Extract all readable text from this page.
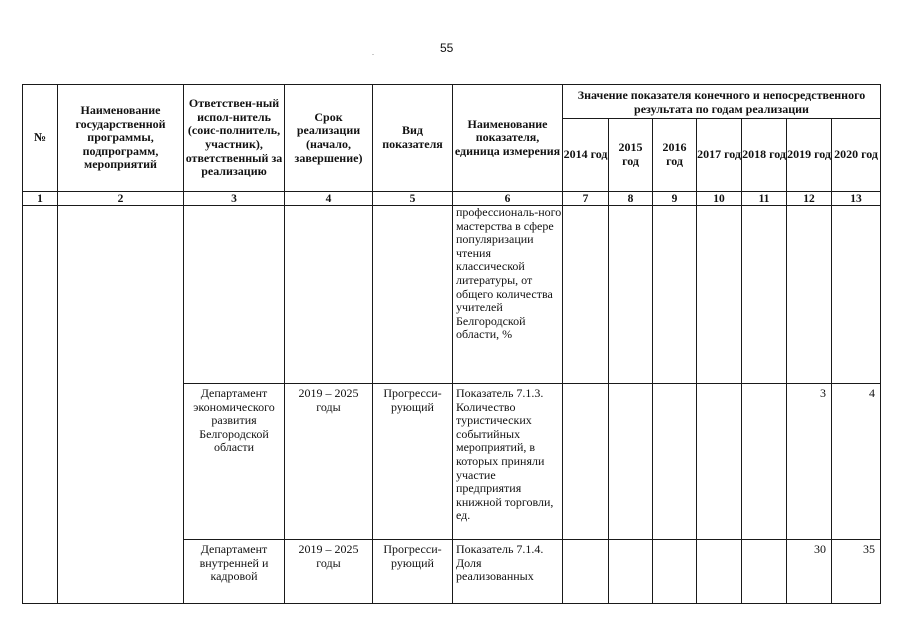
55
.
№	Наименование государственной программы, подпрограмм, мероприятий	Ответствен-ный испол-нитель (соис-полнитель, участник), ответственный за реализацию	Срок реализации (начало, завершение)	Вид показателя	Наименование показателя, единица измерения	Значение показателя конечного и непосредственного результата по годам реализации						
						2014 год	2015 год	2016 год	2017 год	2018 год	2019 год	2020 год
1	2	3	4	5	6	7	8	9	10	11	12	13
					профессиональ-ного мастерства в сфере популяризации чтения классической литературы, от общего количества учителей Белгородской области, %							
		Департамент экономического развития Белгородской области	2019 – 2025 годы	Прогресси-рующий	Показатель 7.1.3. Количество туристических событийных мероприятий, в которых приняли участие предприятия книжной торговли, ед.						3	4
		Департамент внутренней и кадровой	2019 – 2025 годы	Прогресси-рующий	Показатель 7.1.4. Доля реализованных						30	35
